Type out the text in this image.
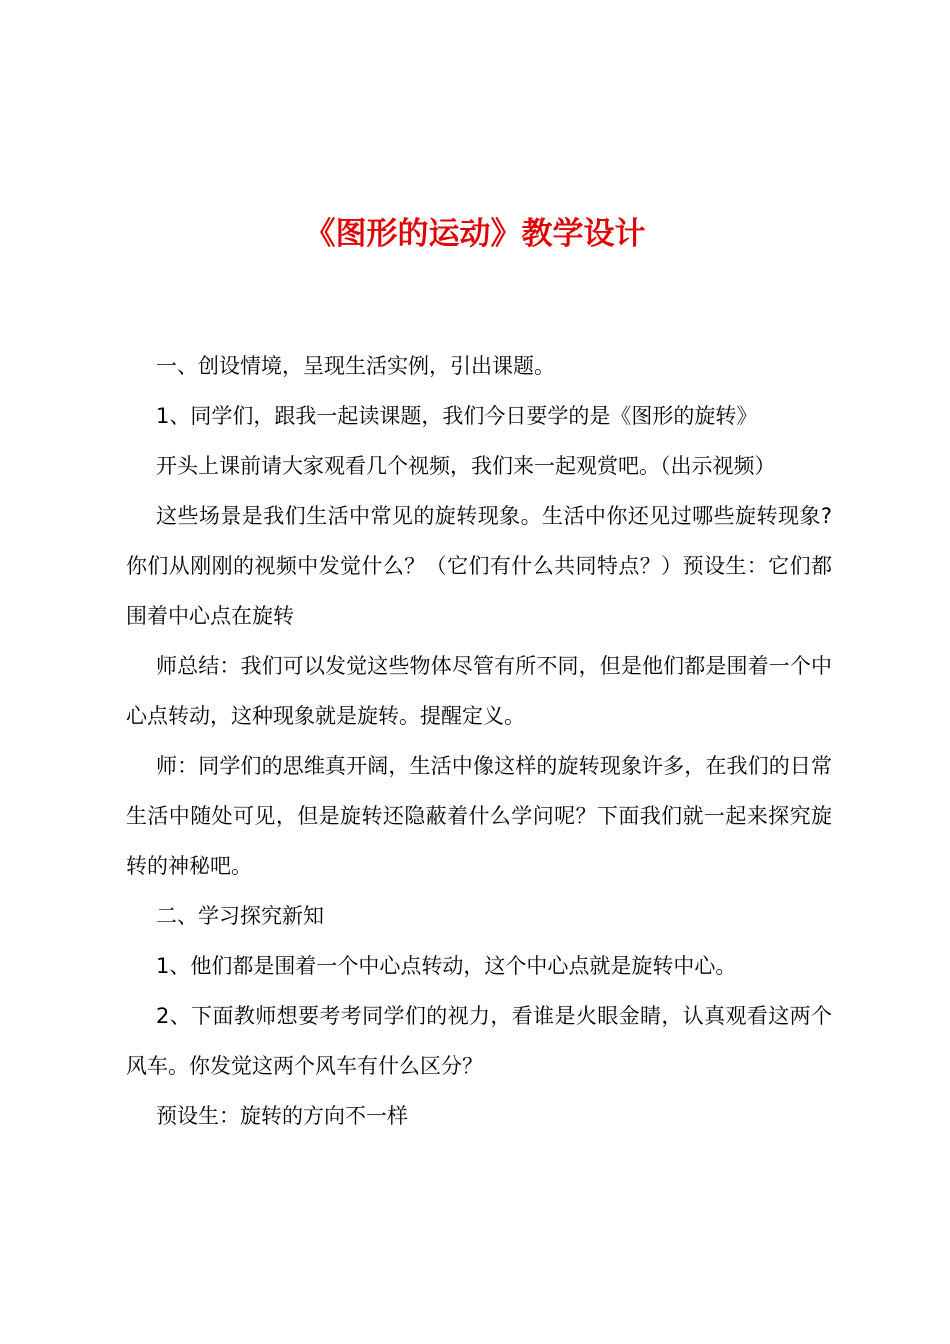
《图形的运动》教学设计

一、创设情境，呈现生活实例，引出课题。

1、同学们，跟我一起读课题，我们今日要学的是《图形的旋转》

开头上课前请大家观看几个视频，我们来一起观赏吧。（出示视频）

这些场景是我们生活中常见的旋转现象。生活中你还见过哪些旋转现象?你们从刚刚的视频中发觉什么？（它们有什么共同特点？）预设生：它们都围着中心点在旋转

师总结：我们可以发觉这些物体尽管有所不同，但是他们都是围着一个中心点转动，这种现象就是旋转。提醒定义。

师：同学们的思维真开阔，生活中像这样的旋转现象许多，在我们的日常生活中随处可见，但是旋转还隐蔽着什么学问呢？下面我们就一起来探究旋转的神秘吧。

二、学习探究新知

1、他们都是围着一个中心点转动，这个中心点就是旋转中心。

2、下面教师想要考考同学们的视力，看谁是火眼金睛，认真观看这两个风车。你发觉这两个风车有什么区分？

预设生：旋转的方向不一样
